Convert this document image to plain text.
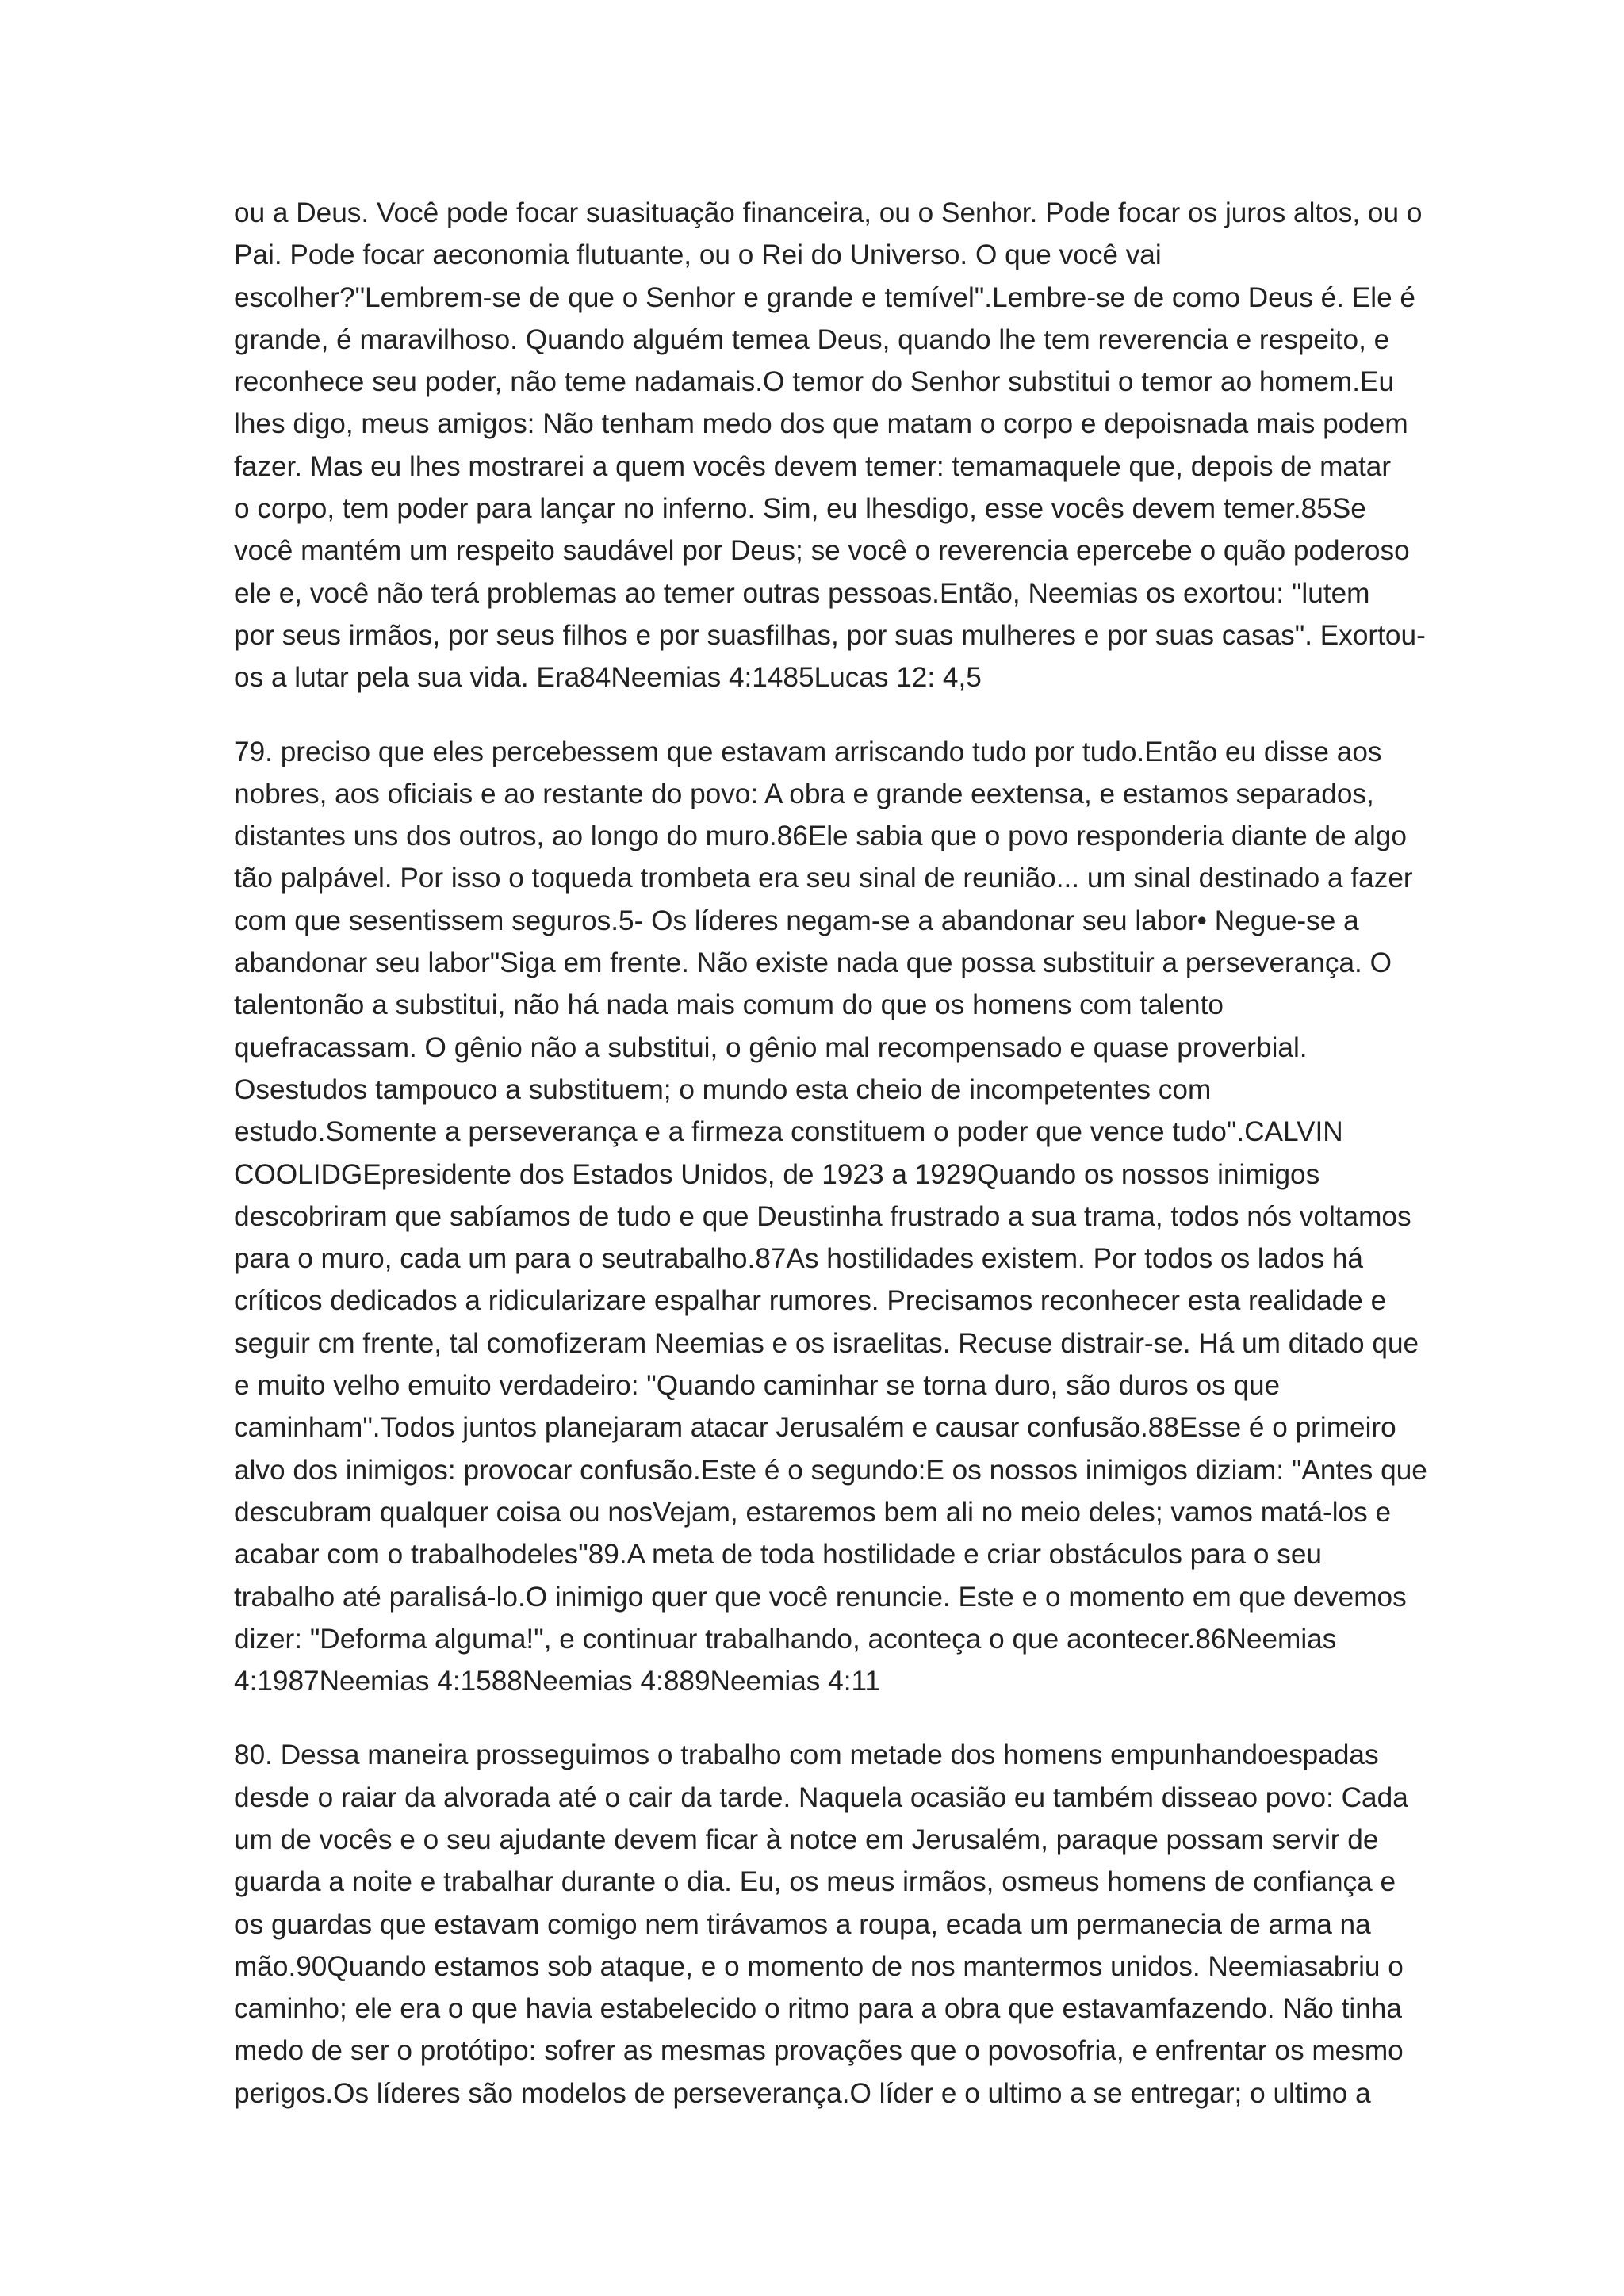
ou a Deus. Você pode focar suasituação financeira, ou o Senhor. Pode focar os juros altos, ou o
Pai. Pode focar aeconomia flutuante, ou o Rei do Universo. O que você vai
escolher?"Lembrem-se de que o Senhor e grande e temível".Lembre-se de como Deus é. Ele é
grande, é maravilhoso. Quando alguém temea Deus, quando lhe tem reverencia e respeito, e
reconhece seu poder, não teme nadamais.O temor do Senhor substitui o temor ao homem.Eu
lhes digo, meus amigos: Não tenham medo dos que matam o corpo e depoisnada mais podem
fazer. Mas eu lhes mostrarei a quem vocês devem temer: temamaquele que, depois de matar
o corpo, tem poder para lançar no inferno. Sim, eu lhesdigo, esse vocês devem temer.85Se
você mantém um respeito saudável por Deus; se você o reverencia epercebe o quão poderoso
ele e, você não terá problemas ao temer outras pessoas.Então, Neemias os exortou: "lutem
por seus irmãos, por seus filhos e por suasfilhas, por suas mulheres e por suas casas". Exortou-
os a lutar pela sua vida. Era84Neemias 4:1485Lucas 12: 4,5
79. preciso que eles percebessem que estavam arriscando tudo por tudo.Então eu disse aos
nobres, aos oficiais e ao restante do povo: A obra e grande eextensa, e estamos separados,
distantes uns dos outros, ao longo do muro.86Ele sabia que o povo responderia diante de algo
tão palpável. Por isso o toqueda trombeta era seu sinal de reunião... um sinal destinado a fazer
com que sesentissem seguros.5- Os líderes negam-se a abandonar seu labor• Negue-se a
abandonar seu labor"Siga em frente. Não existe nada que possa substituir a perseverança. O
talentonão a substitui, não há nada mais comum do que os homens com talento
quefracassam. O gênio não a substitui, o gênio mal recompensado e quase proverbial.
Osestudos tampouco a substituem; o mundo esta cheio de incompetentes com
estudo.Somente a perseverança e a firmeza constituem o poder que vence tudo".CALVIN
COOLIDGEpresidente dos Estados Unidos, de 1923 a 1929Quando os nossos inimigos
descobriram que sabíamos de tudo e que Deustinha frustrado a sua trama, todos nós voltamos
para o muro, cada um para o seutrabalho.87As hostilidades existem. Por todos os lados há
críticos dedicados a ridicularizare espalhar rumores. Precisamos reconhecer esta realidade e
seguir cm frente, tal comofizeram Neemias e os israelitas. Recuse distrair-se. Há um ditado que
e muito velho emuito verdadeiro: "Quando caminhar se torna duro, são duros os que
caminham".Todos juntos planejaram atacar Jerusalém e causar confusão.88Esse é o primeiro
alvo dos inimigos: provocar confusão.Este é o segundo:E os nossos inimigos diziam: "Antes que
descubram qualquer coisa ou nosVejam, estaremos bem ali no meio deles; vamos matá-los e
acabar com o trabalhodeles"89.A meta de toda hostilidade e criar obstáculos para o seu
trabalho até paralisá-lo.O inimigo quer que você renuncie. Este e o momento em que devemos
dizer: "Deforma alguma!", e continuar trabalhando, aconteça o que acontecer.86Neemias
4:1987Neemias 4:1588Neemias 4:889Neemias 4:11
80. Dessa maneira prosseguimos o trabalho com metade dos homens empunhandoespadas
desde o raiar da alvorada até o cair da tarde. Naquela ocasião eu também disseao povo: Cada
um de vocês e o seu ajudante devem ficar à notce em Jerusalém, paraque possam servir de
guarda a noite e trabalhar durante o dia. Eu, os meus irmãos, osmeus homens de confiança e
os guardas que estavam comigo nem tirávamos a roupa, ecada um permanecia de arma na
mão.90Quando estamos sob ataque, e o momento de nos mantermos unidos. Neemiasabriu o
caminho; ele era o que havia estabelecido o ritmo para a obra que estavamfazendo. Não tinha
medo de ser o protótipo: sofrer as mesmas provações que o povosofria, e enfrentar os mesmo
perigos.Os líderes são modelos de perseverança.O líder e o ultimo a se entregar; o ultimo a
